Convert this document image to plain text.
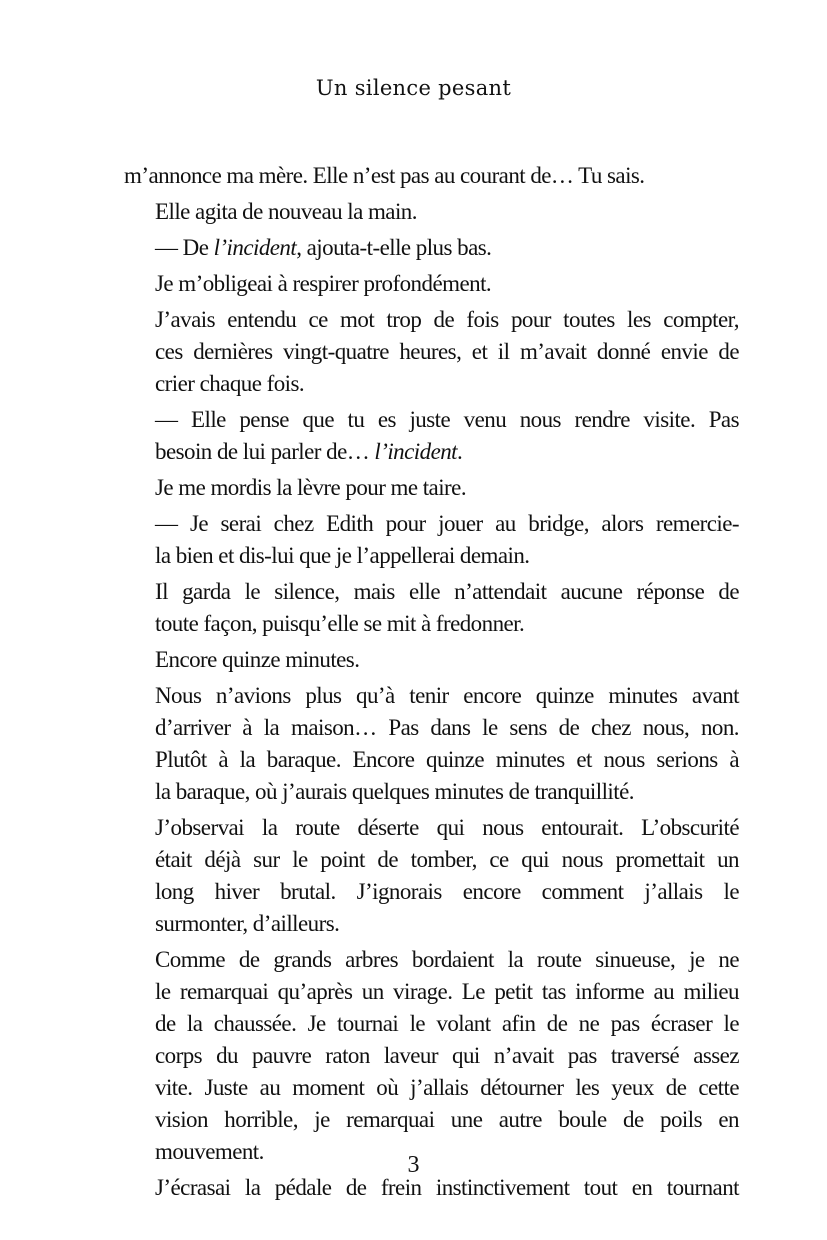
Un silence pesant

m’annonce ma mère. Elle n’est pas au courant de… Tu sais.

Elle agita de nouveau la main.

— De l’incident, ajouta-t-elle plus bas.

Je m’obligeai à respirer profondément.

J’avais entendu ce mot trop de fois pour toutes les compter,
ces dernières vingt-quatre heures, et il m’avait donné envie de
crier chaque fois.

— Elle pense que tu es juste venu nous rendre visite. Pas
besoin de lui parler de… l’incident.

Je me mordis la lèvre pour me taire.

— Je serai chez Edith pour jouer au bridge, alors remercie-
la bien et dis-lui que je l’appellerai demain.

Il garda le silence, mais elle n’attendait aucune réponse de
toute façon, puisqu’elle se mit à fredonner.

Encore quinze minutes.

Nous n’avions plus qu’à tenir encore quinze minutes avant
d’arriver à la maison… Pas dans le sens de chez nous, non.
Plutôt à la baraque. Encore quinze minutes et nous serions à
la baraque, où j’aurais quelques minutes de tranquillité.

J’observai la route déserte qui nous entourait. L’obscurité
était déjà sur le point de tomber, ce qui nous promettait un
long hiver brutal. J’ignorais encore comment j’allais le
surmonter, d’ailleurs.

Comme de grands arbres bordaient la route sinueuse, je ne
le remarquai qu’après un virage. Le petit tas informe au milieu
de la chaussée. Je tournai le volant afin de ne pas écraser le
corps du pauvre raton laveur qui n’avait pas traversé assez
vite. Juste au moment où j’allais détourner les yeux de cette
vision horrible, je remarquai une autre boule de poils en
mouvement.

J’écrasai la pédale de frein instinctivement tout en tournant

3
